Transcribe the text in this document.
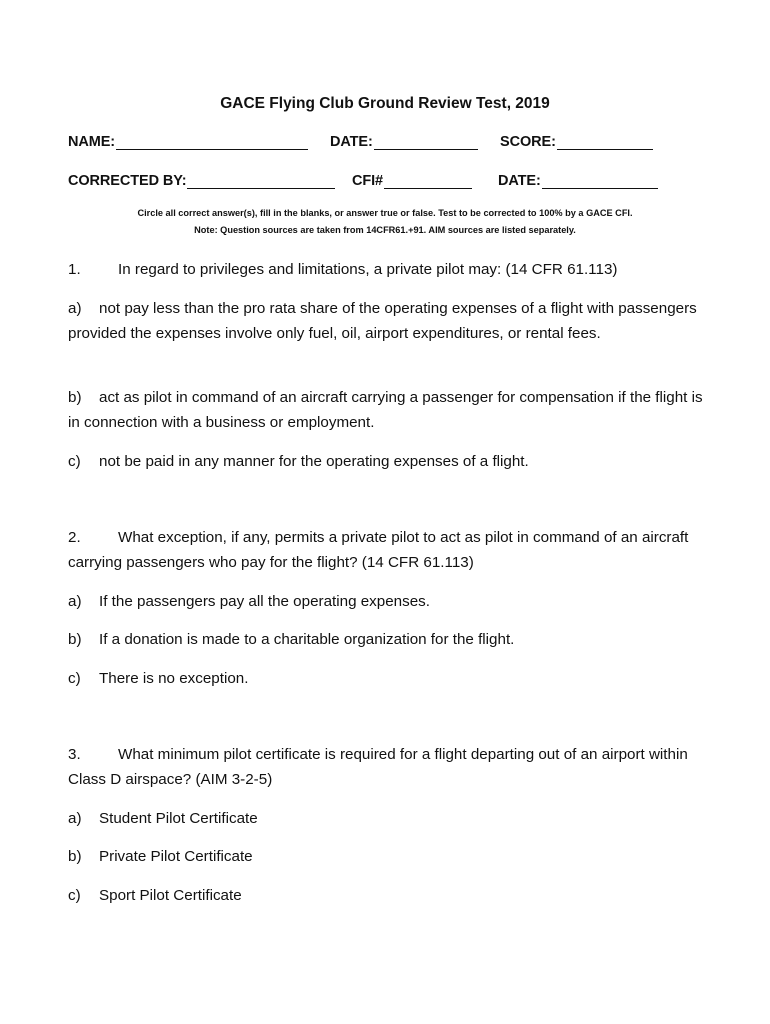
GACE Flying Club Ground Review Test, 2019
NAME:	DATE:	SCORE:
CORRECTED BY:	CFI#	DATE:
Circle all correct answer(s), fill in the blanks, or answer true or false. Test to be corrected to 100% by a GACE CFI.
Note: Question sources are taken from 14CFR61.+91. AIM sources are listed separately.
1. In regard to privileges and limitations, a private pilot may: (14 CFR 61.113)
a) not pay less than the pro rata share of the operating expenses of a flight with passengers provided the expenses involve only fuel, oil, airport expenditures, or rental fees.
b) act as pilot in command of an aircraft carrying a passenger for compensation if the flight is in connection with a business or employment.
c) not be paid in any manner for the operating expenses of a flight.
2. What exception, if any, permits a private pilot to act as pilot in command of an aircraft carrying passengers who pay for the flight? (14 CFR 61.113)
a) If the passengers pay all the operating expenses.
b) If a donation is made to a charitable organization for the flight.
c) There is no exception.
3. What minimum pilot certificate is required for a flight departing out of an airport within Class D airspace? (AIM 3-2-5)
a) Student Pilot Certificate
b) Private Pilot Certificate
c) Sport Pilot Certificate
